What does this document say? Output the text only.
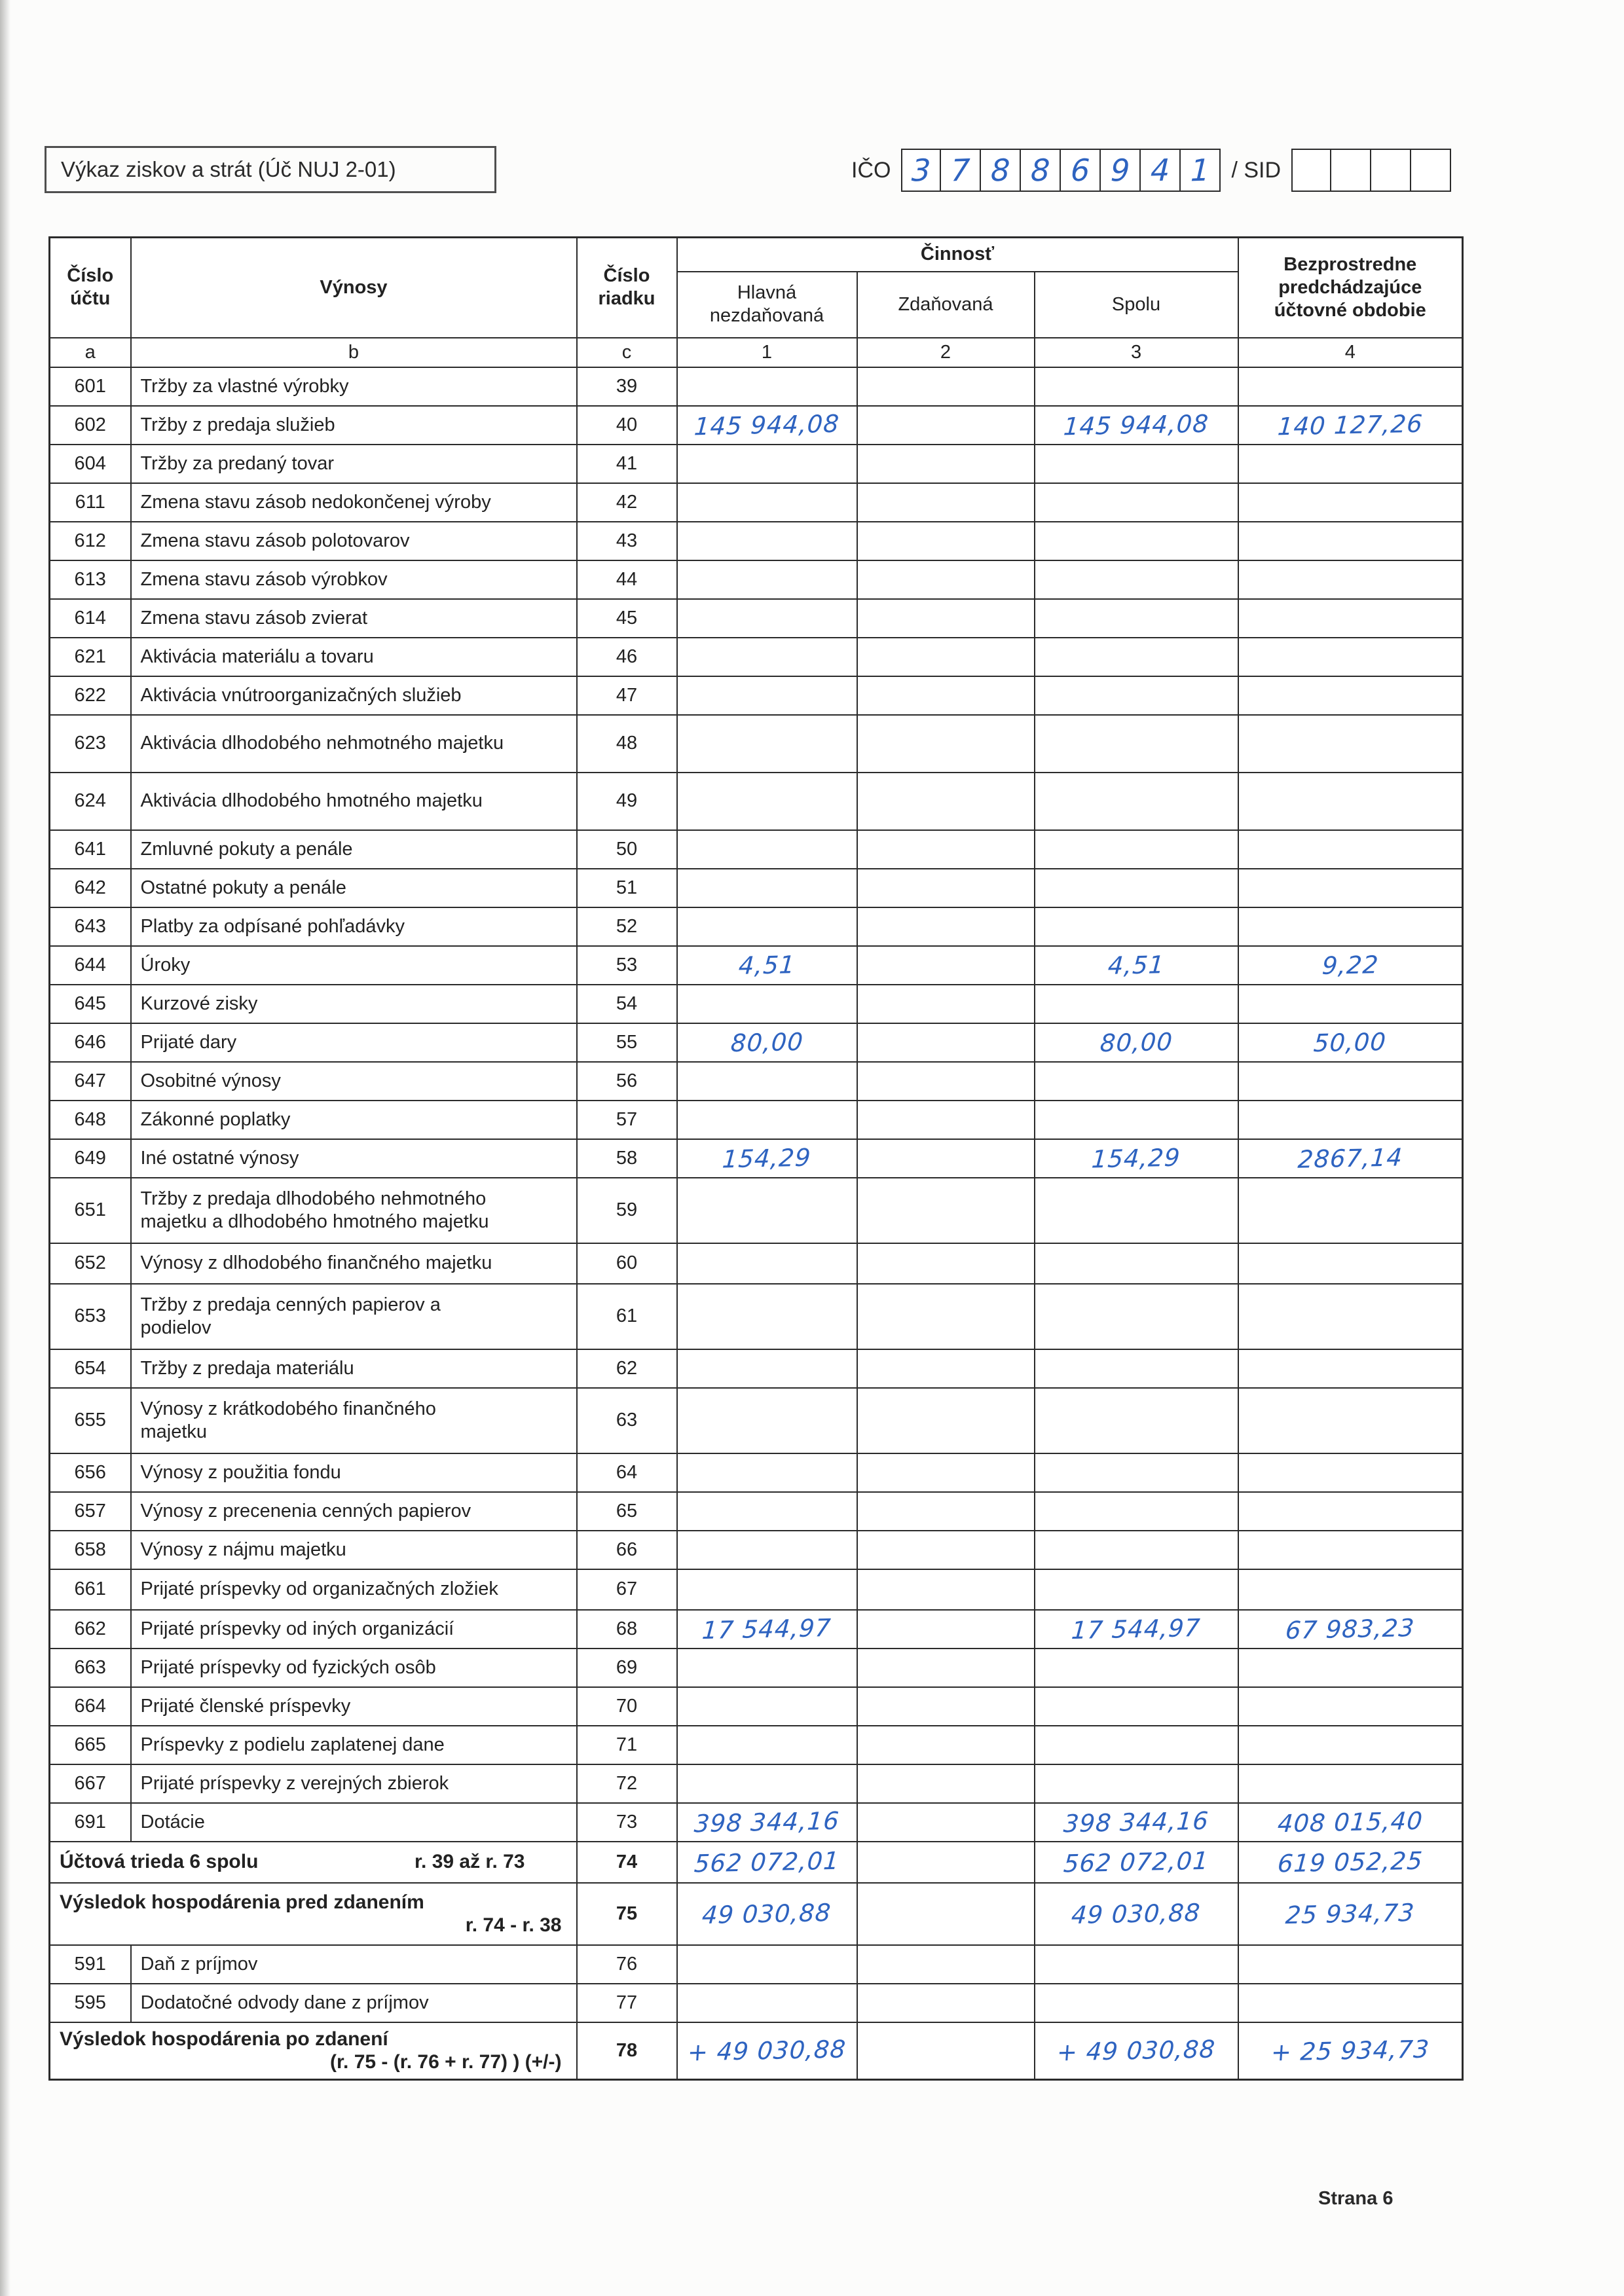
Výkaz ziskov a strát (Úč NUJ 2-01)	IČO 3 7 8 8 6 9 4 1 / SID
Číslo účtu	Výnosy	Číslo riadku	Činnosť			Bezprostredne predchádzajúce účtovné obdobie
			Hlavná nezdaňovaná	Zdaňovaná	Spolu	
a	b	c	1	2	3	4
601	Tržby za vlastné výrobky	39				
602	Tržby z predaja služieb	40	145 944,08		145 944,08	140 127,26
604	Tržby za predaný tovar	41				
611	Zmena stavu zásob nedokončenej výroby	42				
612	Zmena stavu zásob polotovarov	43				
613	Zmena stavu zásob výrobkov	44				
614	Zmena stavu zásob zvierat	45				
621	Aktivácia materiálu a tovaru	46				
622	Aktivácia vnútroorganizačných služieb	47				
623	Aktivácia dlhodobého nehmotného majetku	48				
624	Aktivácia dlhodobého hmotného majetku	49				
641	Zmluvné pokuty a penále	50				
642	Ostatné pokuty a penále	51				
643	Platby za odpísané pohľadávky	52				
644	Úroky	53	4,51		4,51	9,22
645	Kurzové zisky	54				
646	Prijaté dary	55	80,00		80,00	50,00
647	Osobitné výnosy	56				
648	Zákonné poplatky	57				
649	Iné ostatné výnosy	58	154,29		154,29	2867,14
651	Tržby z predaja dlhodobého nehmotného
majetku a dlhodobého hmotného majetku	59				
652	Výnosy z dlhodobého finančného majetku	60				
653	Tržby z predaja cenných papierov a
podielov	61				
654	Tržby z predaja materiálu	62				
655	Výnosy z krátkodobého finančného
majetku	63				
656	Výnosy z použitia fondu	64				
657	Výnosy z precenenia cenných papierov	65				
658	Výnosy z nájmu majetku	66				
661	Prijaté príspevky od organizačných zložiek	67				
662	Prijaté príspevky od iných organizácií	68	17 544,97		17 544,97	67 983,23
663	Prijaté príspevky od fyzických osôb	69				
664	Prijaté členské príspevky	70				
665	Príspevky z podielu zaplatenej dane	71				
667	Prijaté príspevky z verejných zbierok	72				
691	Dotácie	73	398 344,16		398 344,16	408 015,40

Účtová trieda 6 spolu r. 39 až r. 73		74	562 072,01		562 072,01	619 052,25

Výsledok hospodárenia pred zdanením
r. 74 - r. 38		75	49 030,88		49 030,88	25 934,73
591	Daň z príjmov	76				
595	Dodatočné odvody dane z príjmov	77				

Výsledok hospodárenia po zdanení
(r. 75 - (r. 76 + r. 77) ) (+/-)		78	+ 49 030,88		+ 49 030,88	+ 25 934,73
Strana 6
